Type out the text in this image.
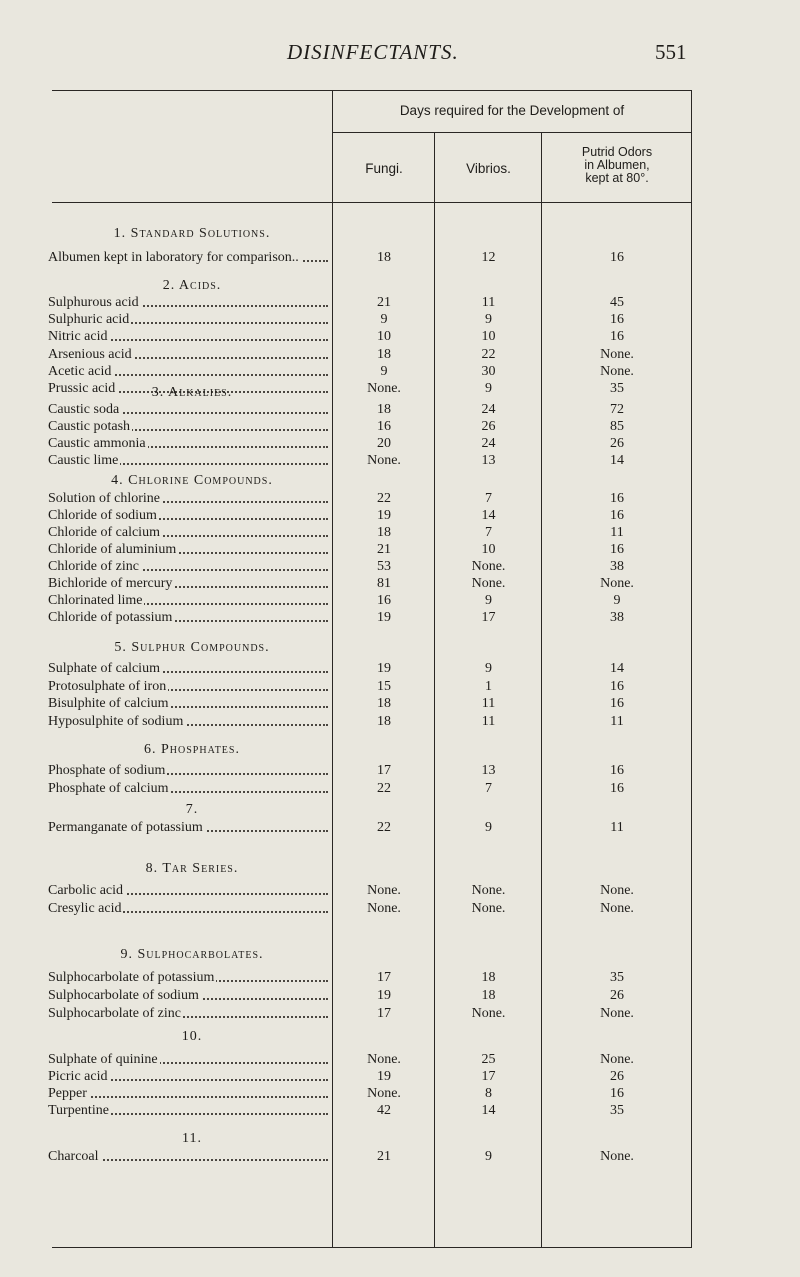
DISINFECTANTS.	551
Days required for the Development of
Fungi.	Vibrios.
Putrid Odors
in Albumen,
kept at 80°.
1. Standard Solutions.
Albumen kept in laboratory for comparison..	18	12	16
2. Acids.
Sulphurous acid	21	11	45
Sulphuric acid	9	9	16
Nitric acid	10	10	16
Arsenious acid	18	22	None.
Acetic acid	9	30	None.
Prussic acid	None.	9	35
3. Alkalies.
Caustic soda	18	24	72
Caustic potash	16	26	85
Caustic ammonia	20	24	26
Caustic lime	None.	13	14
4. Chlorine Compounds.
Solution of chlorine	22	7	16
Chloride of sodium	19	14	16
Chloride of calcium	18	7	11
Chloride of aluminium	21	10	16
Chloride of zinc	53	None.	38
Bichloride of mercury	81	None.	None.
Chlorinated lime	16	9	9
Chloride of potassium	19	17	38
5. Sulphur Compounds.
Sulphate of calcium	19	9	14
Protosulphate of iron	15	1	16
Bisulphite of calcium	18	11	16
Hyposulphite of sodium	18	11	11
6. Phosphates.
Phosphate of sodium	17	13	16
Phosphate of calcium	22	7	16
7.
Permanganate of potassium	22	9	11
8. Tar Series.
Carbolic acid	None.	None.	None.
Cresylic acid	None.	None.	None.
9. Sulphocarbolates.
Sulphocarbolate of potassium	17	18	35
Sulphocarbolate of sodium	19	18	26
Sulphocarbolate of zinc	17	None.	None.
10.
Sulphate of quinine	None.	25	None.
Picric acid	19	17	26
Pepper	None.	8	16
Turpentine	42	14	35
11.
Charcoal	21	9	None.
